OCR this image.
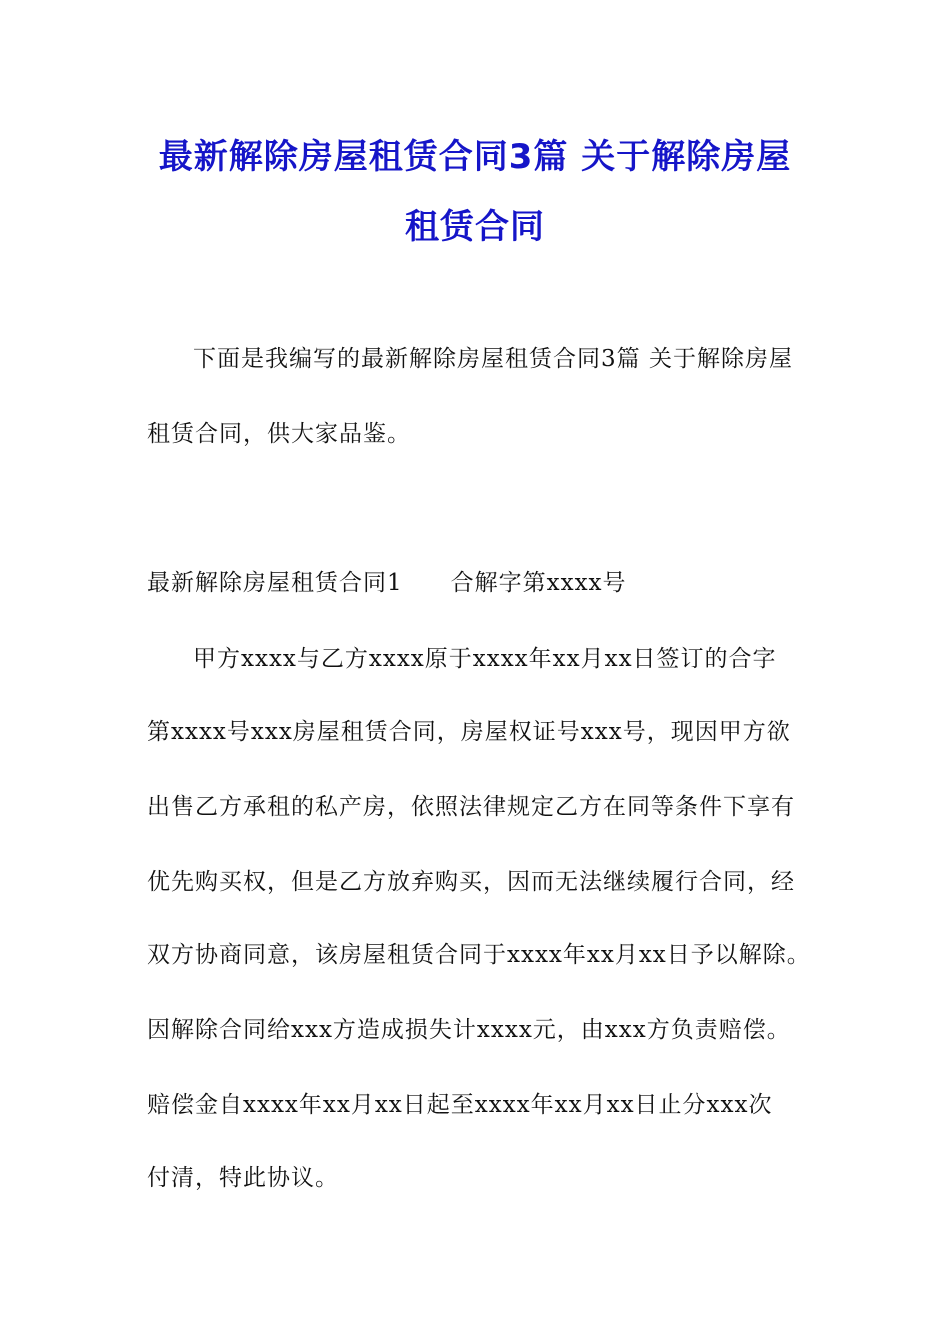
最新解除房屋租赁合同3篇 关于解除房屋
租赁合同
下面是我编写的最新解除房屋租赁合同3篇 关于解除房屋
租赁合同，供大家品鉴。
最新解除房屋租赁合同1 合解字第xxxx号
甲方xxxx与乙方xxxx原于xxxx年xx月xx日签订的合字
第xxxx号xxx房屋租赁合同，房屋权证号xxx号，现因甲方欲
出售乙方承租的私产房，依照法律规定乙方在同等条件下享有
优先购买权，但是乙方放弃购买，因而无法继续履行合同，经
双方协商同意，该房屋租赁合同于xxxx年xx月xx日予以解除。
因解除合同给xxx方造成损失计xxxx元，由xxx方负责赔偿。
赔偿金自xxxx年xx月xx日起至xxxx年xx月xx日止分xxx次
付清，特此协议。
